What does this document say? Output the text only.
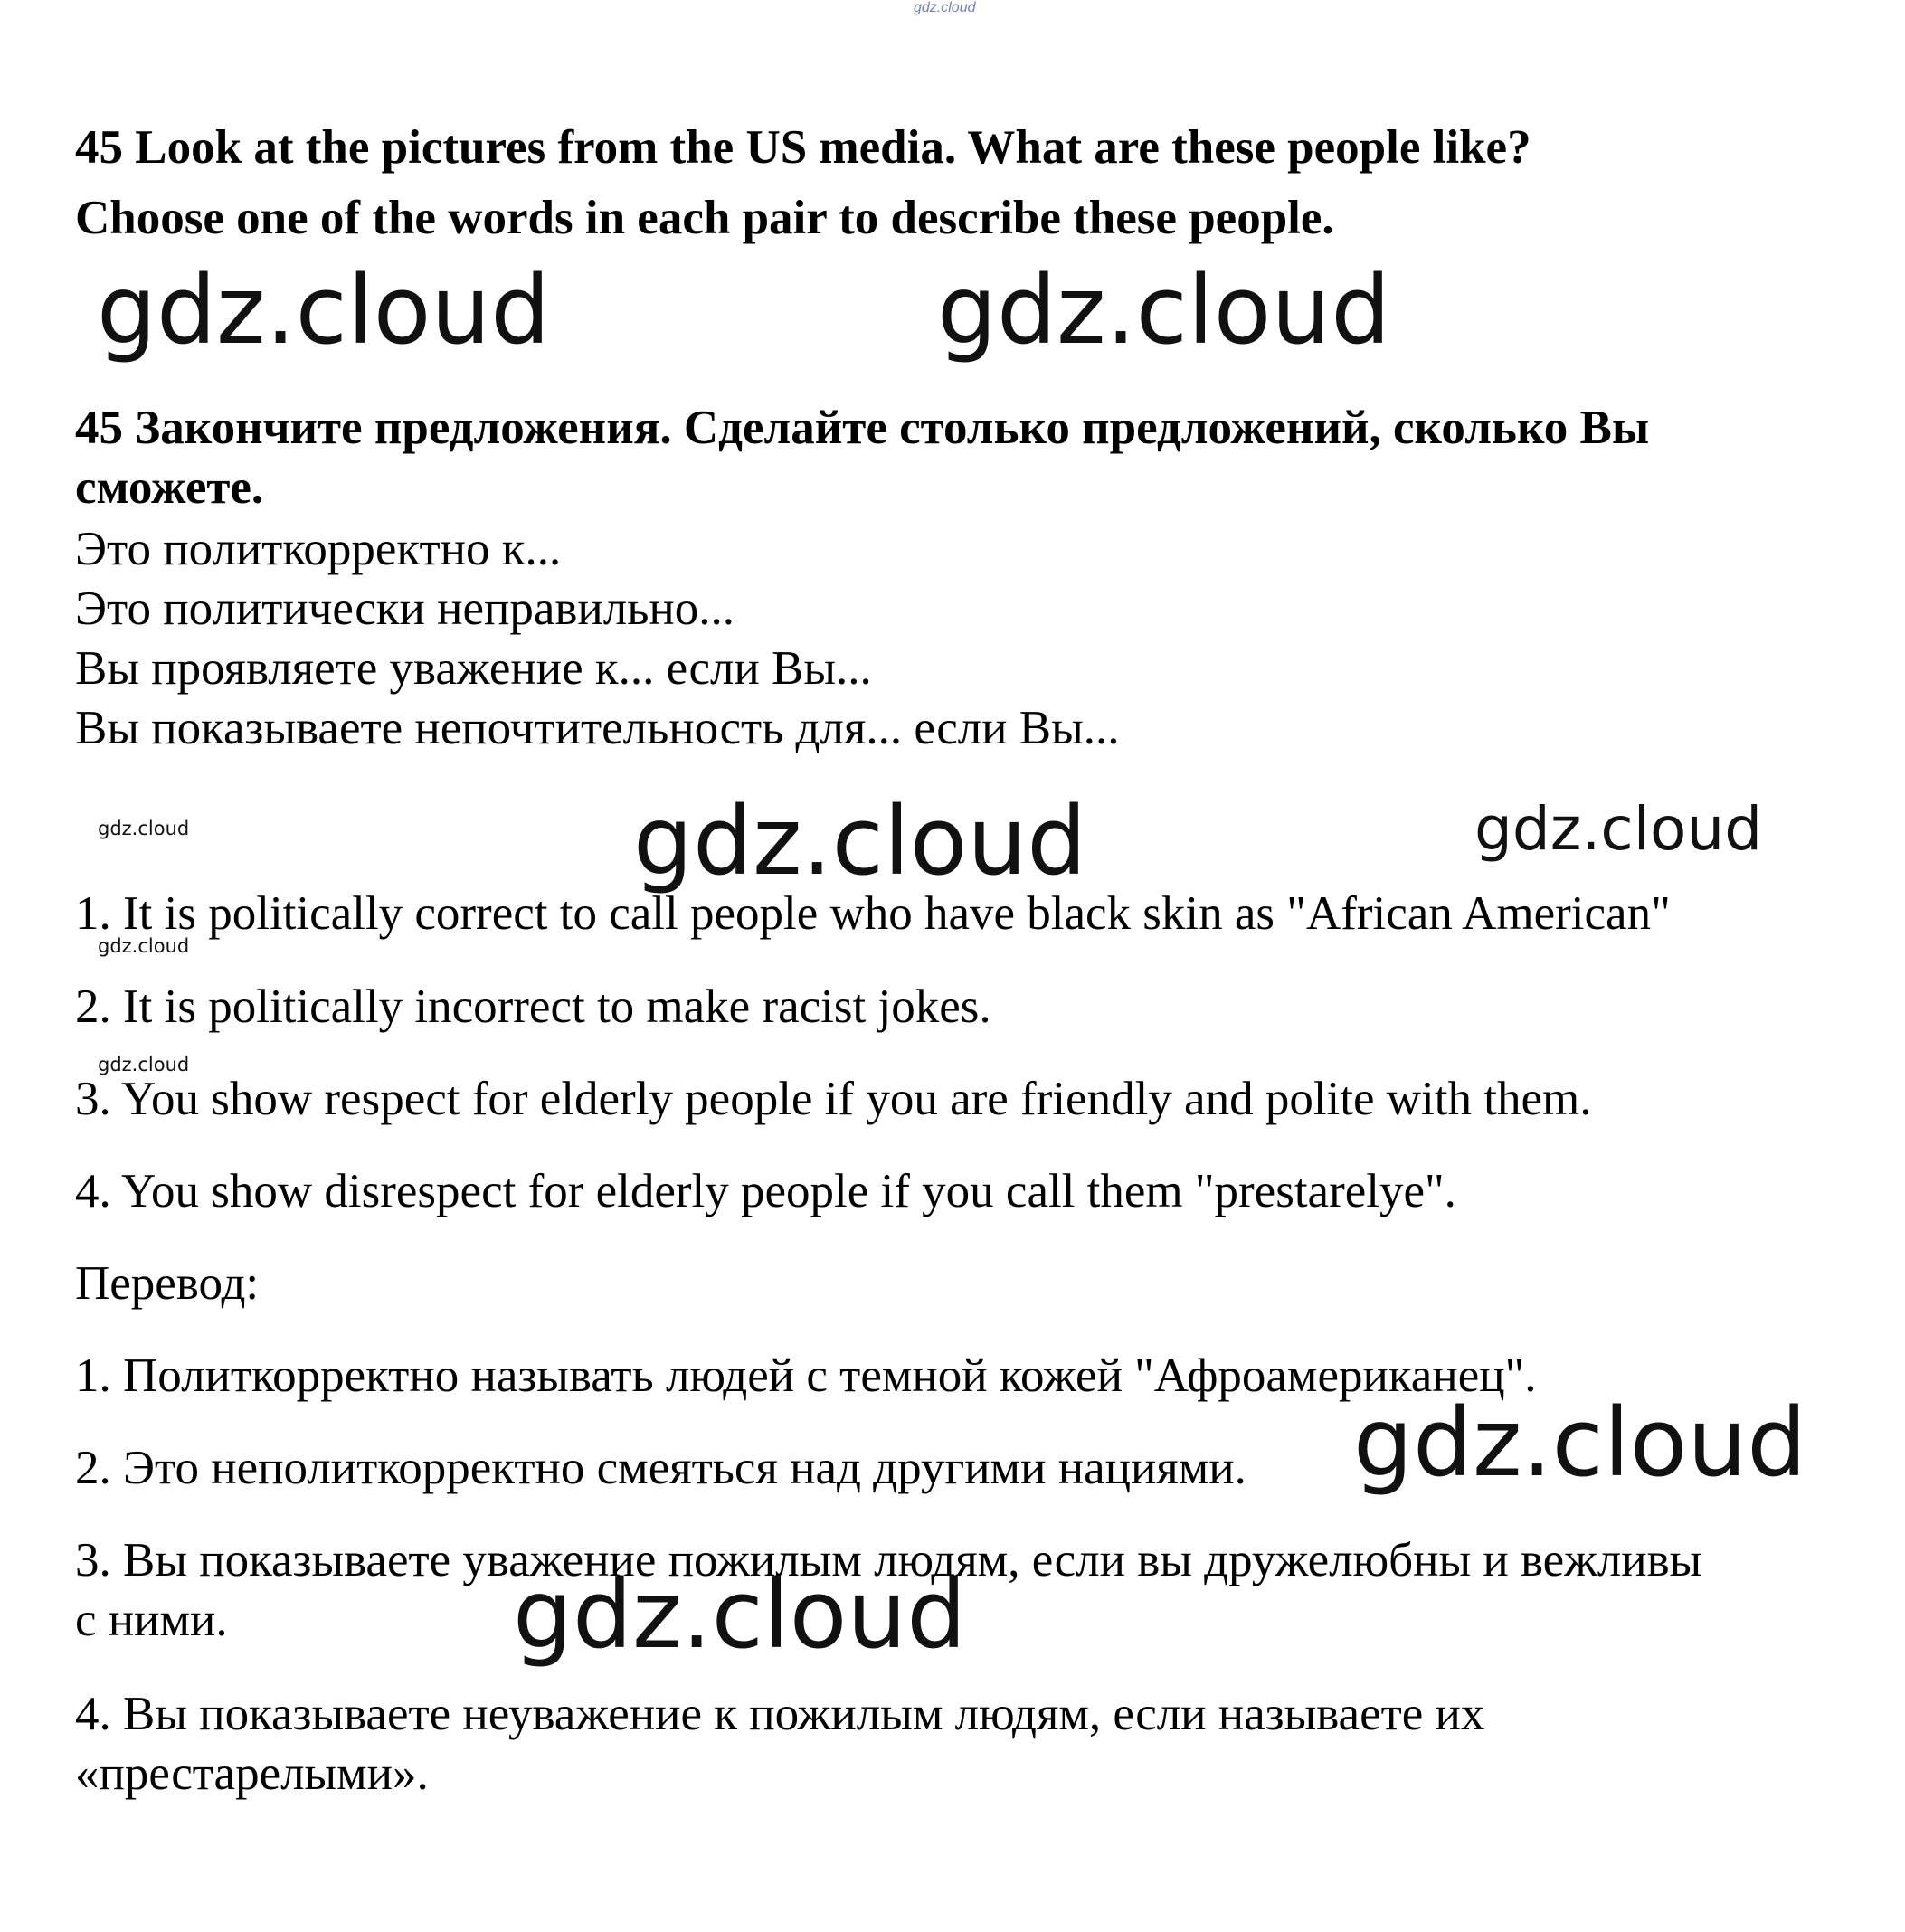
gdz.cloud
45 Look at the pictures from the US media. What are these people like?
Choose one of the words in each pair to describe these people.
gdz.cloud	gdz.cloud
45 Закончите предложения. Сделайте столько предложений, сколько Вы сможете.
Это политкорректно к...
Это политически неправильно...
Вы проявляете уважение к... если Вы...
Вы показываете непочтительность для... если Вы...
gdz.cloud	gdz.cloud	gdz.cloud
1. It is politically correct to call people who have black skin as "African American"
gdz.cloud
2. It is politically incorrect to make racist jokes.
gdz.cloud
3. You show respect for elderly people if you are friendly and polite with them.
4. You show disrespect for elderly people if you call them "prestarelye".
Перевод:
1. Политкорректно называть людей с темной кожей "Афроамериканец".
2. Это неполиткорректно смеяться над другими нациями. gdz.cloud
3. Вы показываете уважение пожилым людям, если вы дружелюбны и вежливы с ними.	gdz.cloud
4. Вы показываете неуважение к пожилым людям, если называете их «престарелыми».
